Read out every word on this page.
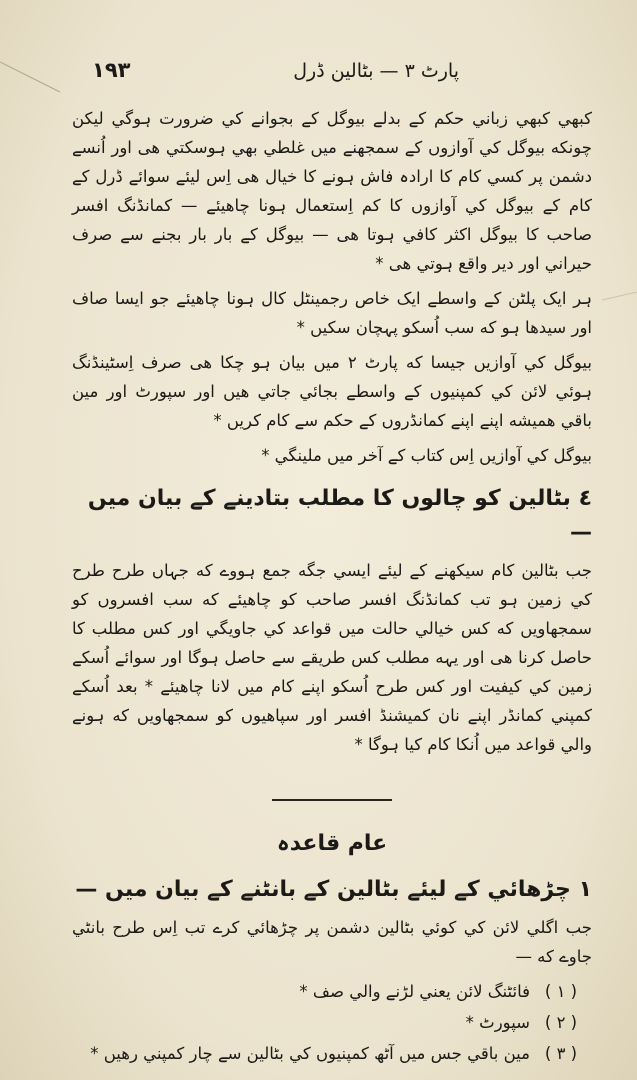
١٩٣	پارٹ ٣ — بٹالین ڈرل

کبھي کبھي زباني حکم کے بدلے بیوگل کے بجوانے کي ضرورت ہوگي لیکن چونکه بیوگل کي آوازوں کے سمجھنے میں غلطي بھي ہوسکتي هی اور اُنسے دشمن پر کسي کام کا ارادہ فاش ہونے کا خیال هی اِس لیئے سوائے ڈرل کے کام کے بیوگل کي آوازوں کا کم اِستعمال ہونا چاهیئے — کمانڈنگ افسر صاحب کا بیوگل اکثر کافي ہوتا هی — بیوگل کے بار بار بجنے سے صرف حیراني اور دیر واقع ہوتي هی *

ہر ایک پلٹن کے واسطے ایک خاص رجمینٹل کال ہونا چاهیئے جو ایسا صاف اور سیدھا ہو که سب اُسکو پہچان سکیں *

بیوگل کي آوازیں جیسا که پارٹ ٢ میں بیان ہو چکا هی صرف اِسٹینڈنگ ہوئي لائن کي کمپنیوں کے واسطے بجائي جاتي هیں اور سپورٹ اور مین باقي همیشه اپنے اپنے کمانڈروں کے حکم سے کام کریں *

بیوگل کي آوازیں اِس کتاب کے آخر میں ملینگي *

٤ بٹالین کو چالوں کا مطلب بتادینے کے بیان میں —

جب بٹالین کام سیکھنے کے لیئے ایسي جگه جمع ہووے که جہاں طرح طرح کي زمین ہو تب کمانڈنگ افسر صاحب کو چاهیئے که سب افسروں کو سمجھاویں که کس خیالي حالت میں قواعد کي جاویگي اور کس مطلب کا حاصل کرنا هی اور یہه مطلب کس طریقے سے حاصل ہوگا اور سوائے اُسکے زمین کي کیفیت اور کس طرح اُسکو اپنے کام میں لانا چاهیئے * بعد اُسکے کمپني کمانڈر اپنے نان کمیشنڈ افسر اور سپاهیوں کو سمجھاویں که ہونے والي قواعد میں اُنکا کام کیا ہوگا *

عام قاعدہ
١ چڑھائي کے لیئے بٹالین کے بانٹنے کے بیان میں —

جب اگلي لائن کي کوئي بٹالین دشمن پر چڑھائي کرے تب اِس طرح بانٹي جاوے که —

( ١ )
فائٹنگ لائن یعني لڑنے والي صف *
( ٢ )
سپورٹ *
( ٣ )
مین باقي جس میں آٹھ کمپنیوں کي بٹالین سے چار کمپني رهیں *
